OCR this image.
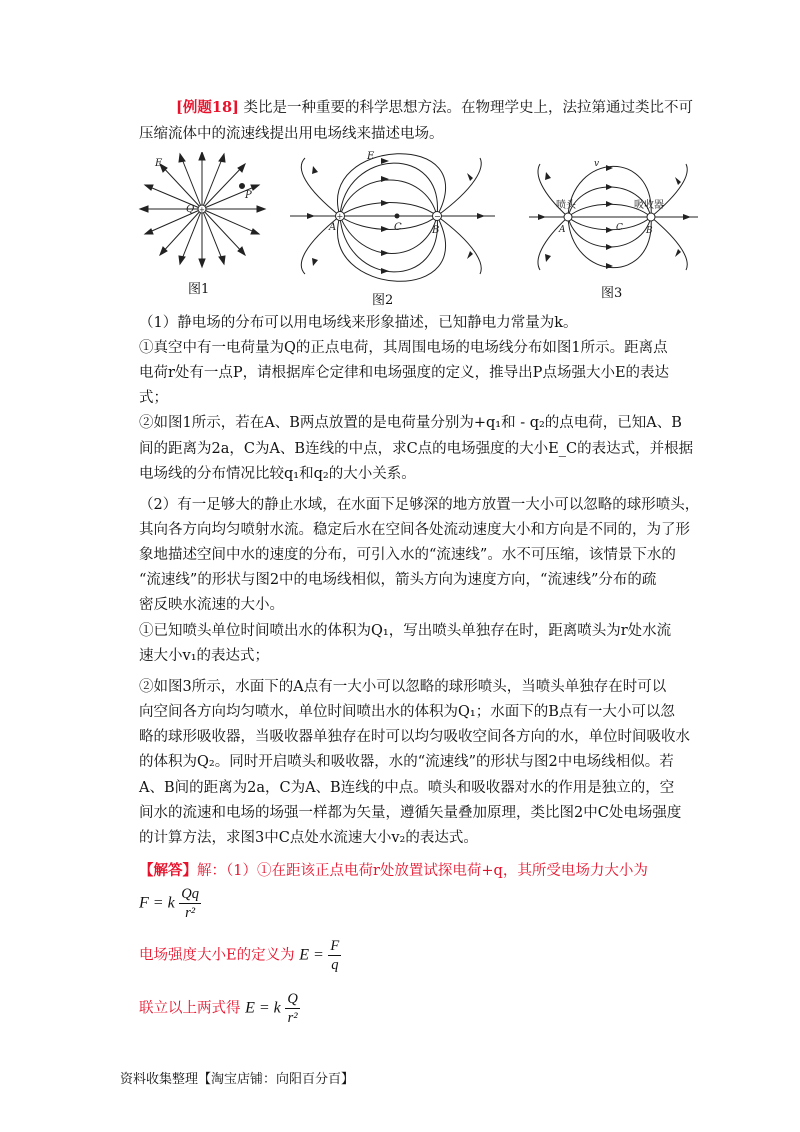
[例题18] 类比是一种重要的科学思想方法。在物理学史上，法拉第通过类比不可
压缩流体中的流速线提出用电场线来描述电场。
+
E
Q
P
图1
+	−
E
A	B
C
图2
v
A	B
C
喷头	吸收器
图3
（1）静电场的分布可以用电场线来形象描述，已知静电力常量为k。
①真空中有一电荷量为Q的正点电荷，其周围电场的电场线分布如图1所示。距离点
电荷r处有一点P，请根据库仑定律和电场强度的定义，推导出P点场强大小E的表达
式；
②如图1所示，若在A、B两点放置的是电荷量分别为+q₁和 - q₂的点电荷，已知A、B
间的距离为2a，C为A、B连线的中点，求C点的电场强度的大小E_C的表达式，并根据
电场线的分布情况比较q₁和q₂的大小关系。
（2）有一足够大的静止水域，在水面下足够深的地方放置一大小可以忽略的球形喷头，
其向各方向均匀喷射水流。稳定后水在空间各处流动速度大小和方向是不同的，为了形
象地描述空间中水的速度的分布，可引入水的“流速线”。水不可压缩，该情景下水的
“流速线”的形状与图2中的电场线相似，箭头方向为速度方向，“流速线”分布的疏
密反映水流速的大小。
①已知喷头单位时间喷出水的体积为Q₁，写出喷头单独存在时，距离喷头为r处水流
速大小v₁的表达式；
②如图3所示，水面下的A点有一大小可以忽略的球形喷头，当喷头单独存在时可以
向空间各方向均匀喷水，单位时间喷出水的体积为Q₁；水面下的B点有一大小可以忽
略的球形吸收器，当吸收器单独存在时可以均匀吸收空间各方向的水，单位时间吸收水
的体积为Q₂。同时开启喷头和吸收器，水的“流速线”的形状与图2中电场线相似。若
A、B间的距离为2a，C为A、B连线的中点。喷头和吸收器对水的作用是独立的，空
间水的流速和电场的场强一样都为矢量，遵循矢量叠加原理，类比图2中C处电场强度
的计算方法，求图3中C点处水流速大小v₂的表达式。
【解答】解：（1）①在距该正点电荷r处放置试探电荷+q，其所受电场力大小为
F = k $\frac{Qq}{\text{r²}}$
电场强度大小E的定义为 $E = \frac{F}{q}$
联立以上两式得 E = k $\frac{Q}{\text{r²}}$
资料收集整理【淘宝店铺：向阳百分百】
